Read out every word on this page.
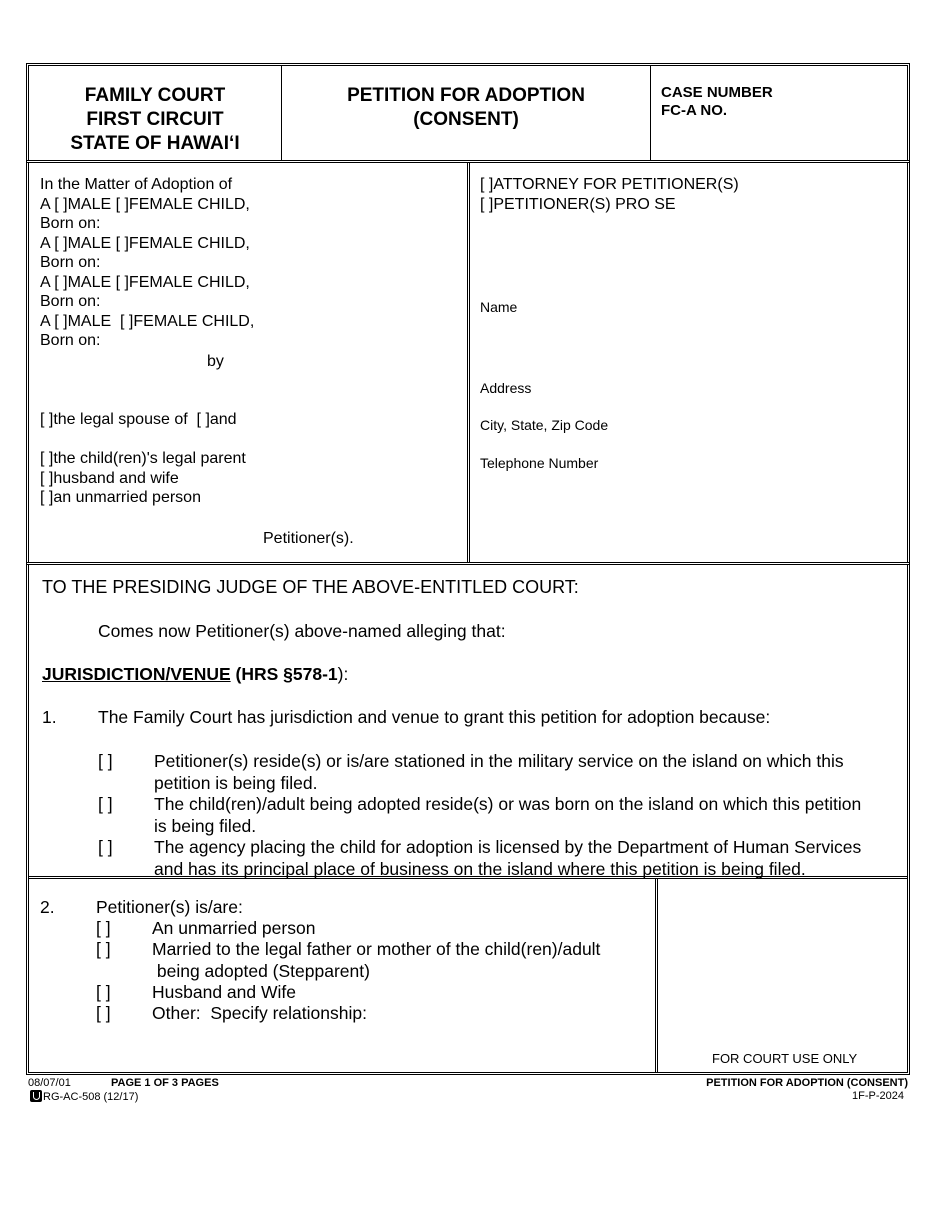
FAMILY COURT
FIRST CIRCUIT
STATE OF HAWAI‘I
PETITION FOR ADOPTION
(CONSENT)
CASE NUMBER
FC-A NO.
In the Matter of Adoption of
A [ ]MALE [ ]FEMALE CHILD,
Born on:
A [ ]MALE [ ]FEMALE CHILD,
Born on:
A [ ]MALE [ ]FEMALE CHILD,
Born on:
A [ ]MALE  [ ]FEMALE CHILD,
Born on:
by
[ ]the legal spouse of  [ ]and
[ ]the child(ren)'s legal parent
[ ]husband and wife
[ ]an unmarried person
Petitioner(s).
[ ]ATTORNEY FOR PETITIONER(S)
[ ]PETITIONER(S) PRO SE
Name
Address
City, State, Zip Code
Telephone Number
TO THE PRESIDING JUDGE OF THE ABOVE-ENTITLED COURT:
Comes now Petitioner(s) above-named alleging that:
JURISDICTION/VENUE (HRS §578-1):
1. The Family Court has jurisdiction and venue to grant this petition for adoption because:
[ ] Petitioner(s) reside(s) or is/are stationed in the military service on the island on which this
petition is being filed.
[ ] The child(ren)/adult being adopted reside(s) or was born on the island on which this petition
is being filed.
[ ] The agency placing the child for adoption is licensed by the Department of Human Services
and has its principal place of business on the island where this petition is being filed.
2. Petitioner(s) is/are:
[ ] An unmarried person
[ ] Married to the legal father or mother of the child(ren)/adult
being adopted (Stepparent)
[ ] Husband and Wife
[ ] Other:  Specify relationship:
FOR COURT USE ONLY
08/07/01	PAGE 1 OF 3 PAGES
RG-AC-508 (12/17)
PETITION FOR ADOPTION (CONSENT)
1F-P-2024
